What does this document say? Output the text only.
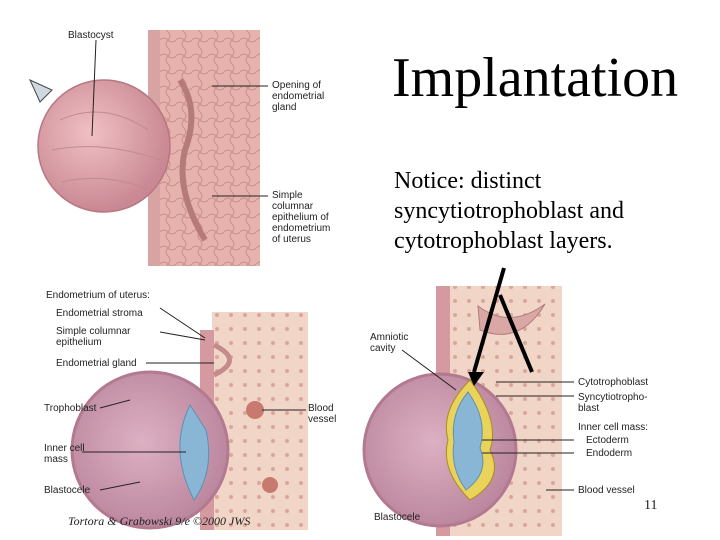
Implantation
Notice: distinct syncytiotrophoblast and cytotrophoblast layers.
Tortora & Grabowski 9/e ©2000 JWS
11
Blastocyst
Opening of
endometrial
gland
Simple
columnar
epithelium of
endometrium
of uterus
Endometrium of uterus:
Endometrial stroma
Simple columnar
epithelium
Endometrial gland
Trophoblast
Inner cell
mass
Blastocele
Blood
vessel
Amniotic
cavity
Cytotrophoblast
Syncytiotropho-
blast
Inner cell mass:
Ectoderm
Endoderm
Blood vessel
Blastocele
